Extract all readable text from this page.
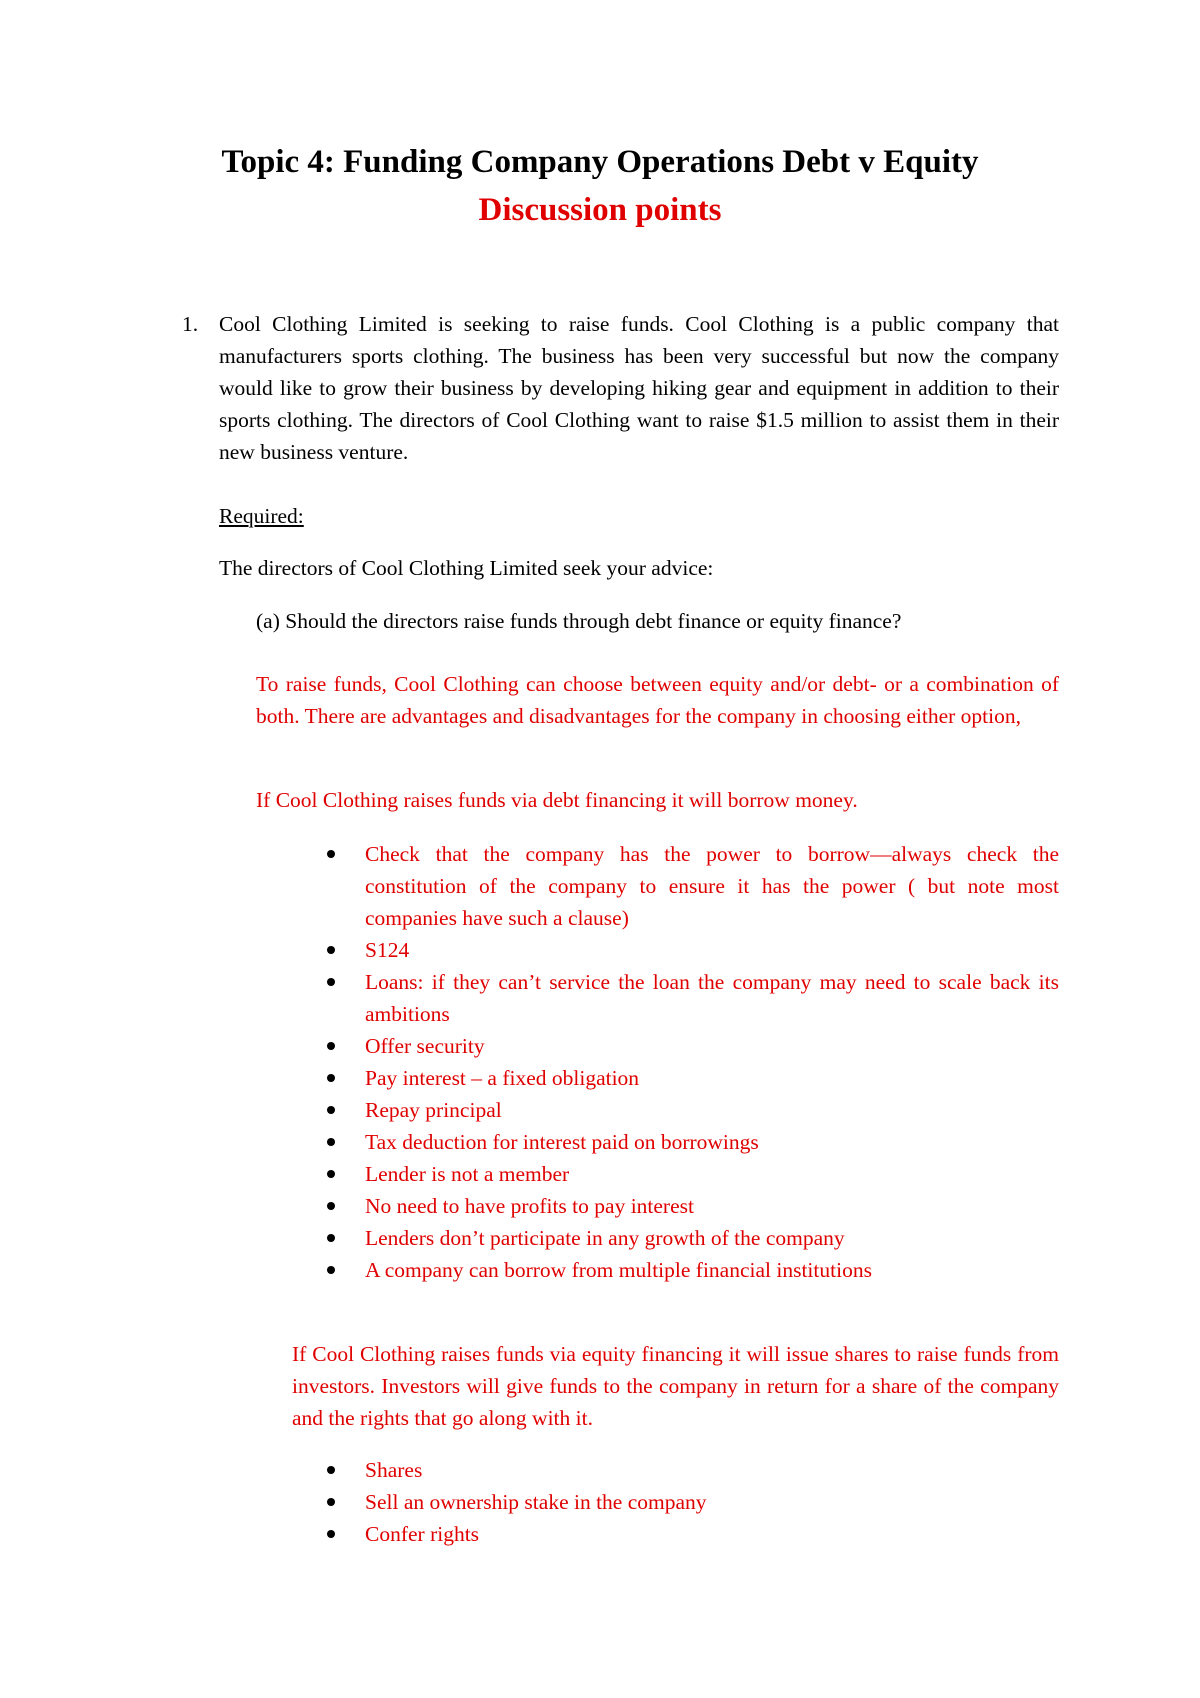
Topic 4: Funding Company Operations Debt v Equity
Discussion points
1. Cool Clothing Limited is seeking to raise funds. Cool Clothing is a public company that manufacturers sports clothing. The business has been very successful but now the company would like to grow their business by developing hiking gear and equipment in addition to their sports clothing. The directors of Cool Clothing want to raise $1.5 million to assist them in their new business venture.

Required:

The directors of Cool Clothing Limited seek your advice:

(a) Should the directors raise funds through debt finance or equity finance?

To raise funds, Cool Clothing can choose between equity and/or debt- or a combination of both. There are advantages and disadvantages for the company in choosing either option,

If Cool Clothing raises funds via debt financing it will borrow money.

Check that the company has the power to borrow—always check the constitution of the company to ensure it has the power ( but note most companies have such a clause)
S124
Loans: if they can’t service the loan the company may need to scale back its ambitions
Offer security
Pay interest – a fixed obligation
Repay principal
Tax deduction for interest paid on borrowings
Lender is not a member
No need to have profits to pay interest
Lenders don’t participate in any growth of the company
A company can borrow from multiple financial institutions

If Cool Clothing raises funds via equity financing it will issue shares to raise funds from investors. Investors will give funds to the company in return for a share of the company and the rights that go along with it.

Shares
Sell an ownership stake in the company
Confer rights
